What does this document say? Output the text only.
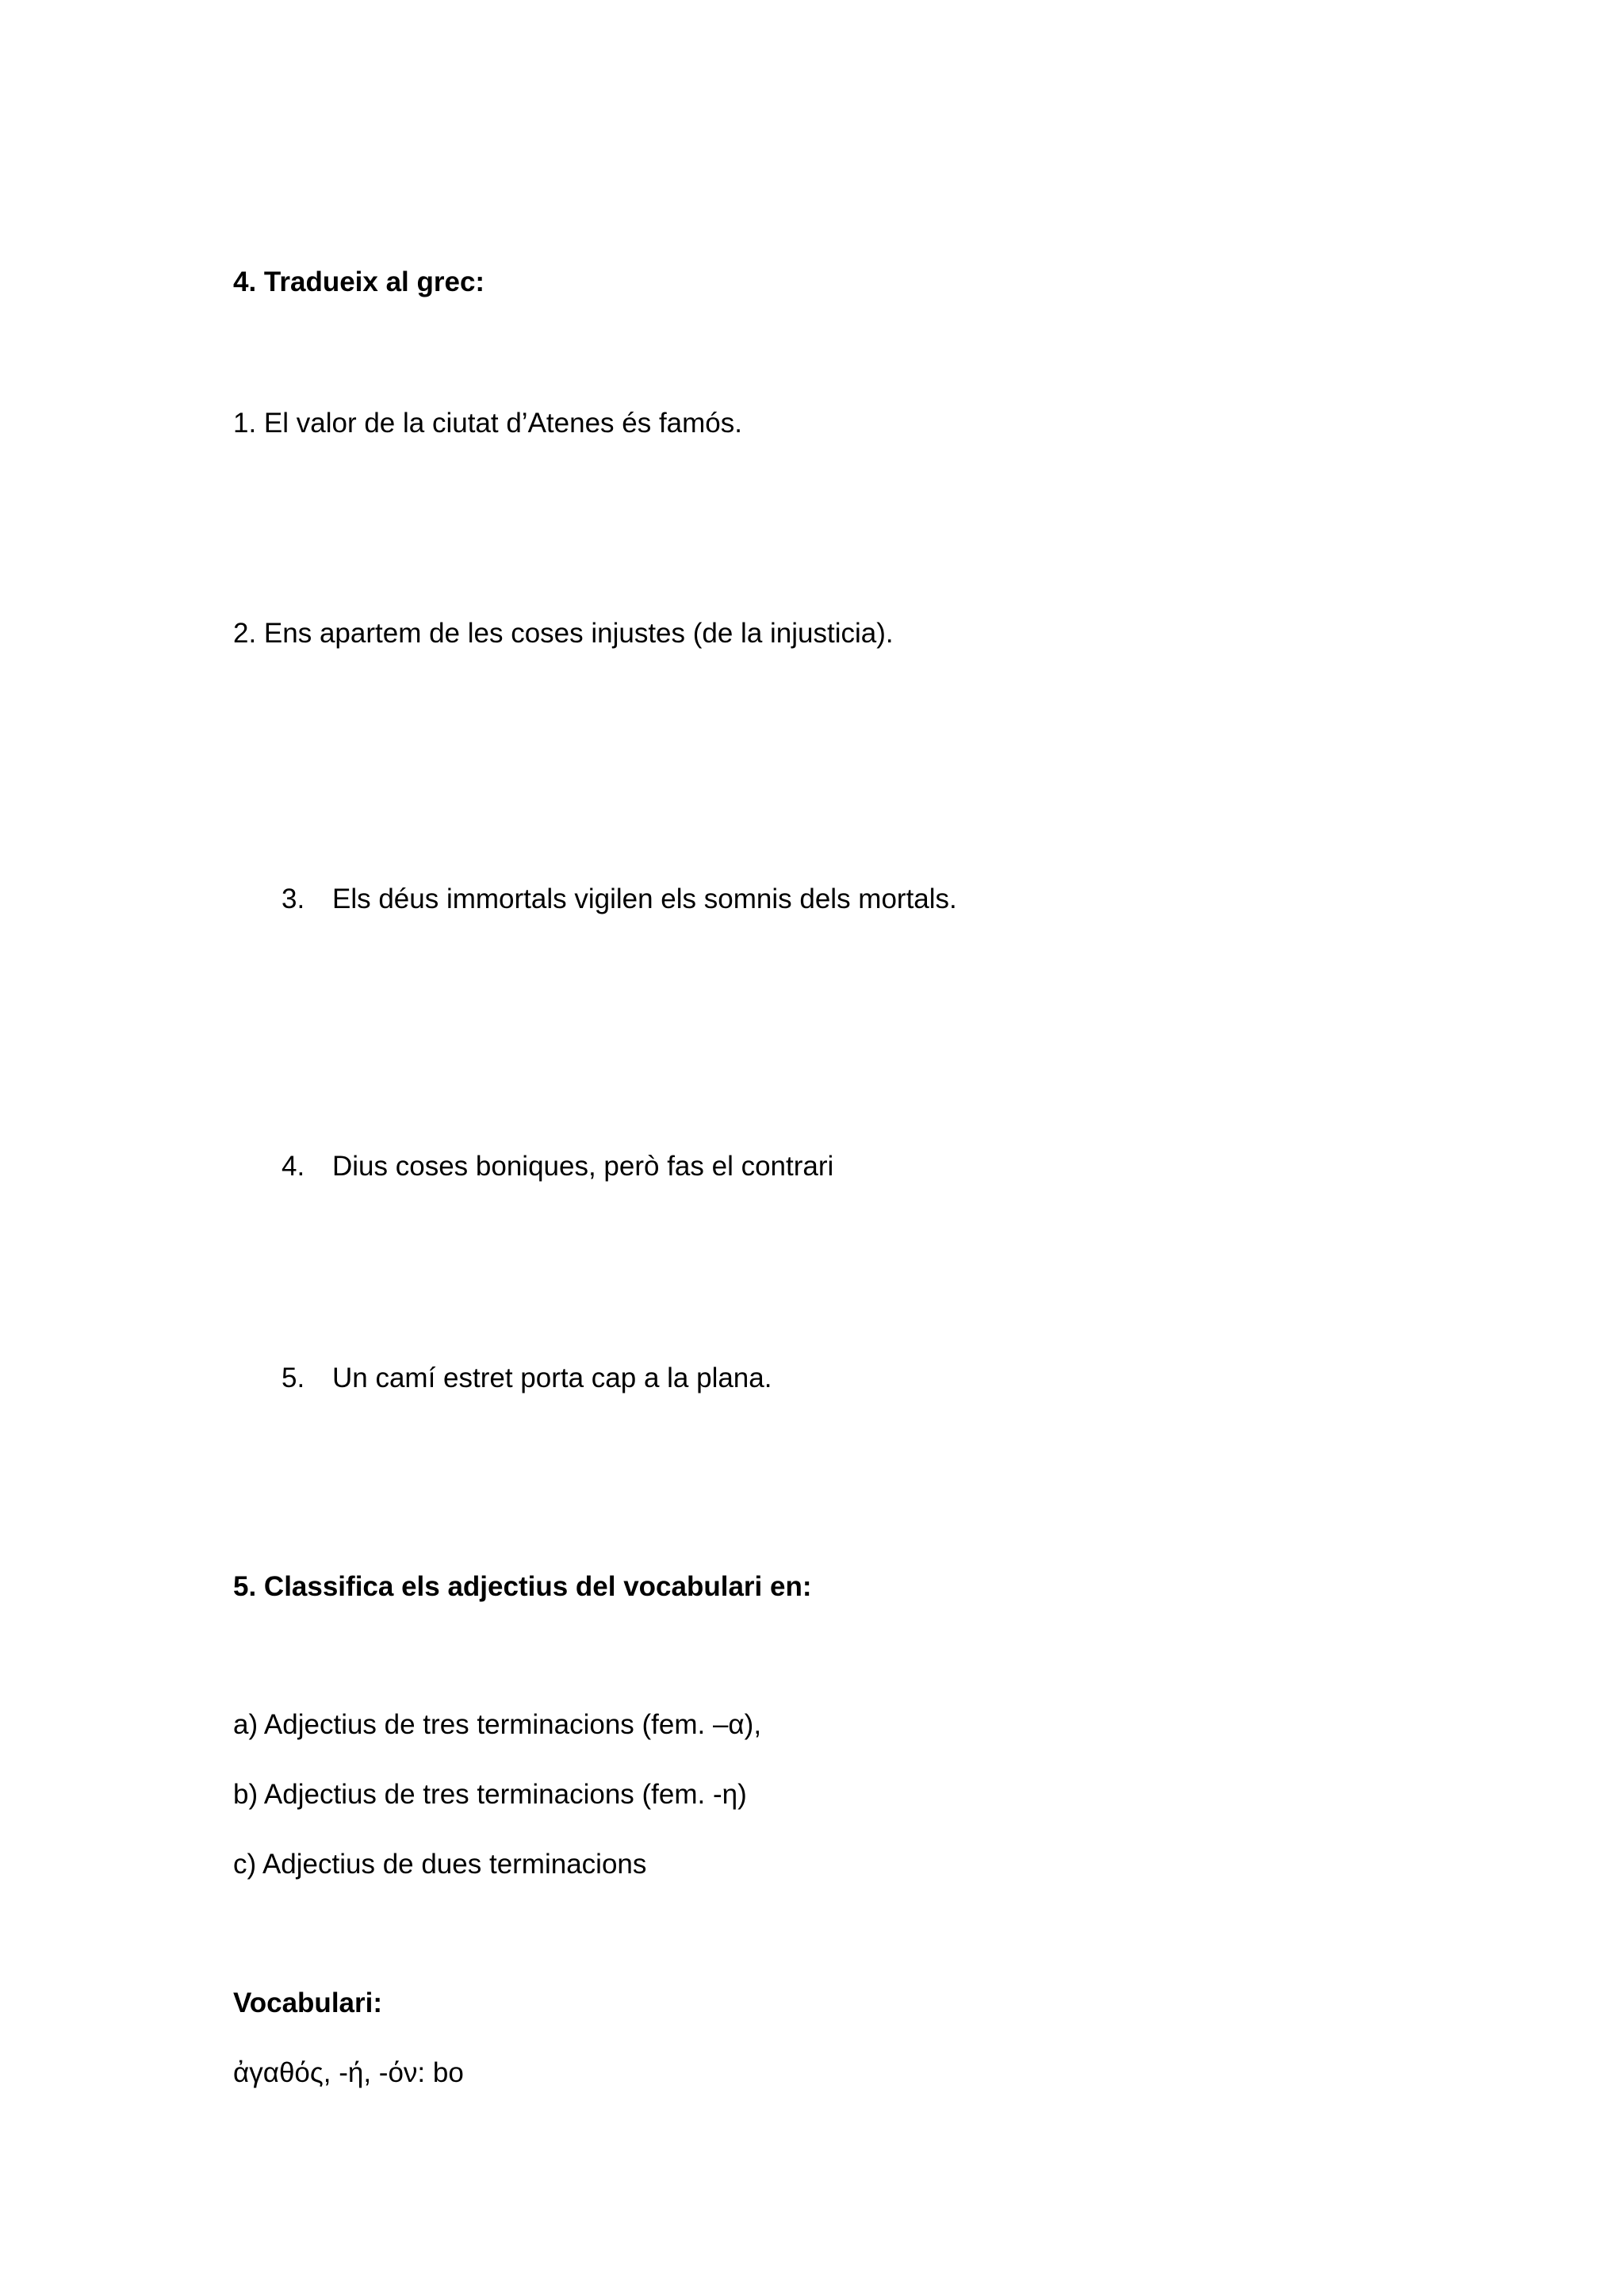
4. Tradueix al grec:
1. El valor de la ciutat d’Atenes és famós.
2. Ens apartem de les coses injustes (de la injusticia).
3. Els déus immortals vigilen els somnis dels mortals.
4. Dius coses boniques, però fas el contrari
5. Un camí estret porta cap a la plana.
5. Classifica els adjectius del vocabulari en:
a) Adjectius de tres terminacions (fem. –α),
b) Adjectius de tres terminacions (fem. -η)
c) Adjectius de dues terminacions
Vocabulari:
ἀγαθός, -ή, -όν: bo
